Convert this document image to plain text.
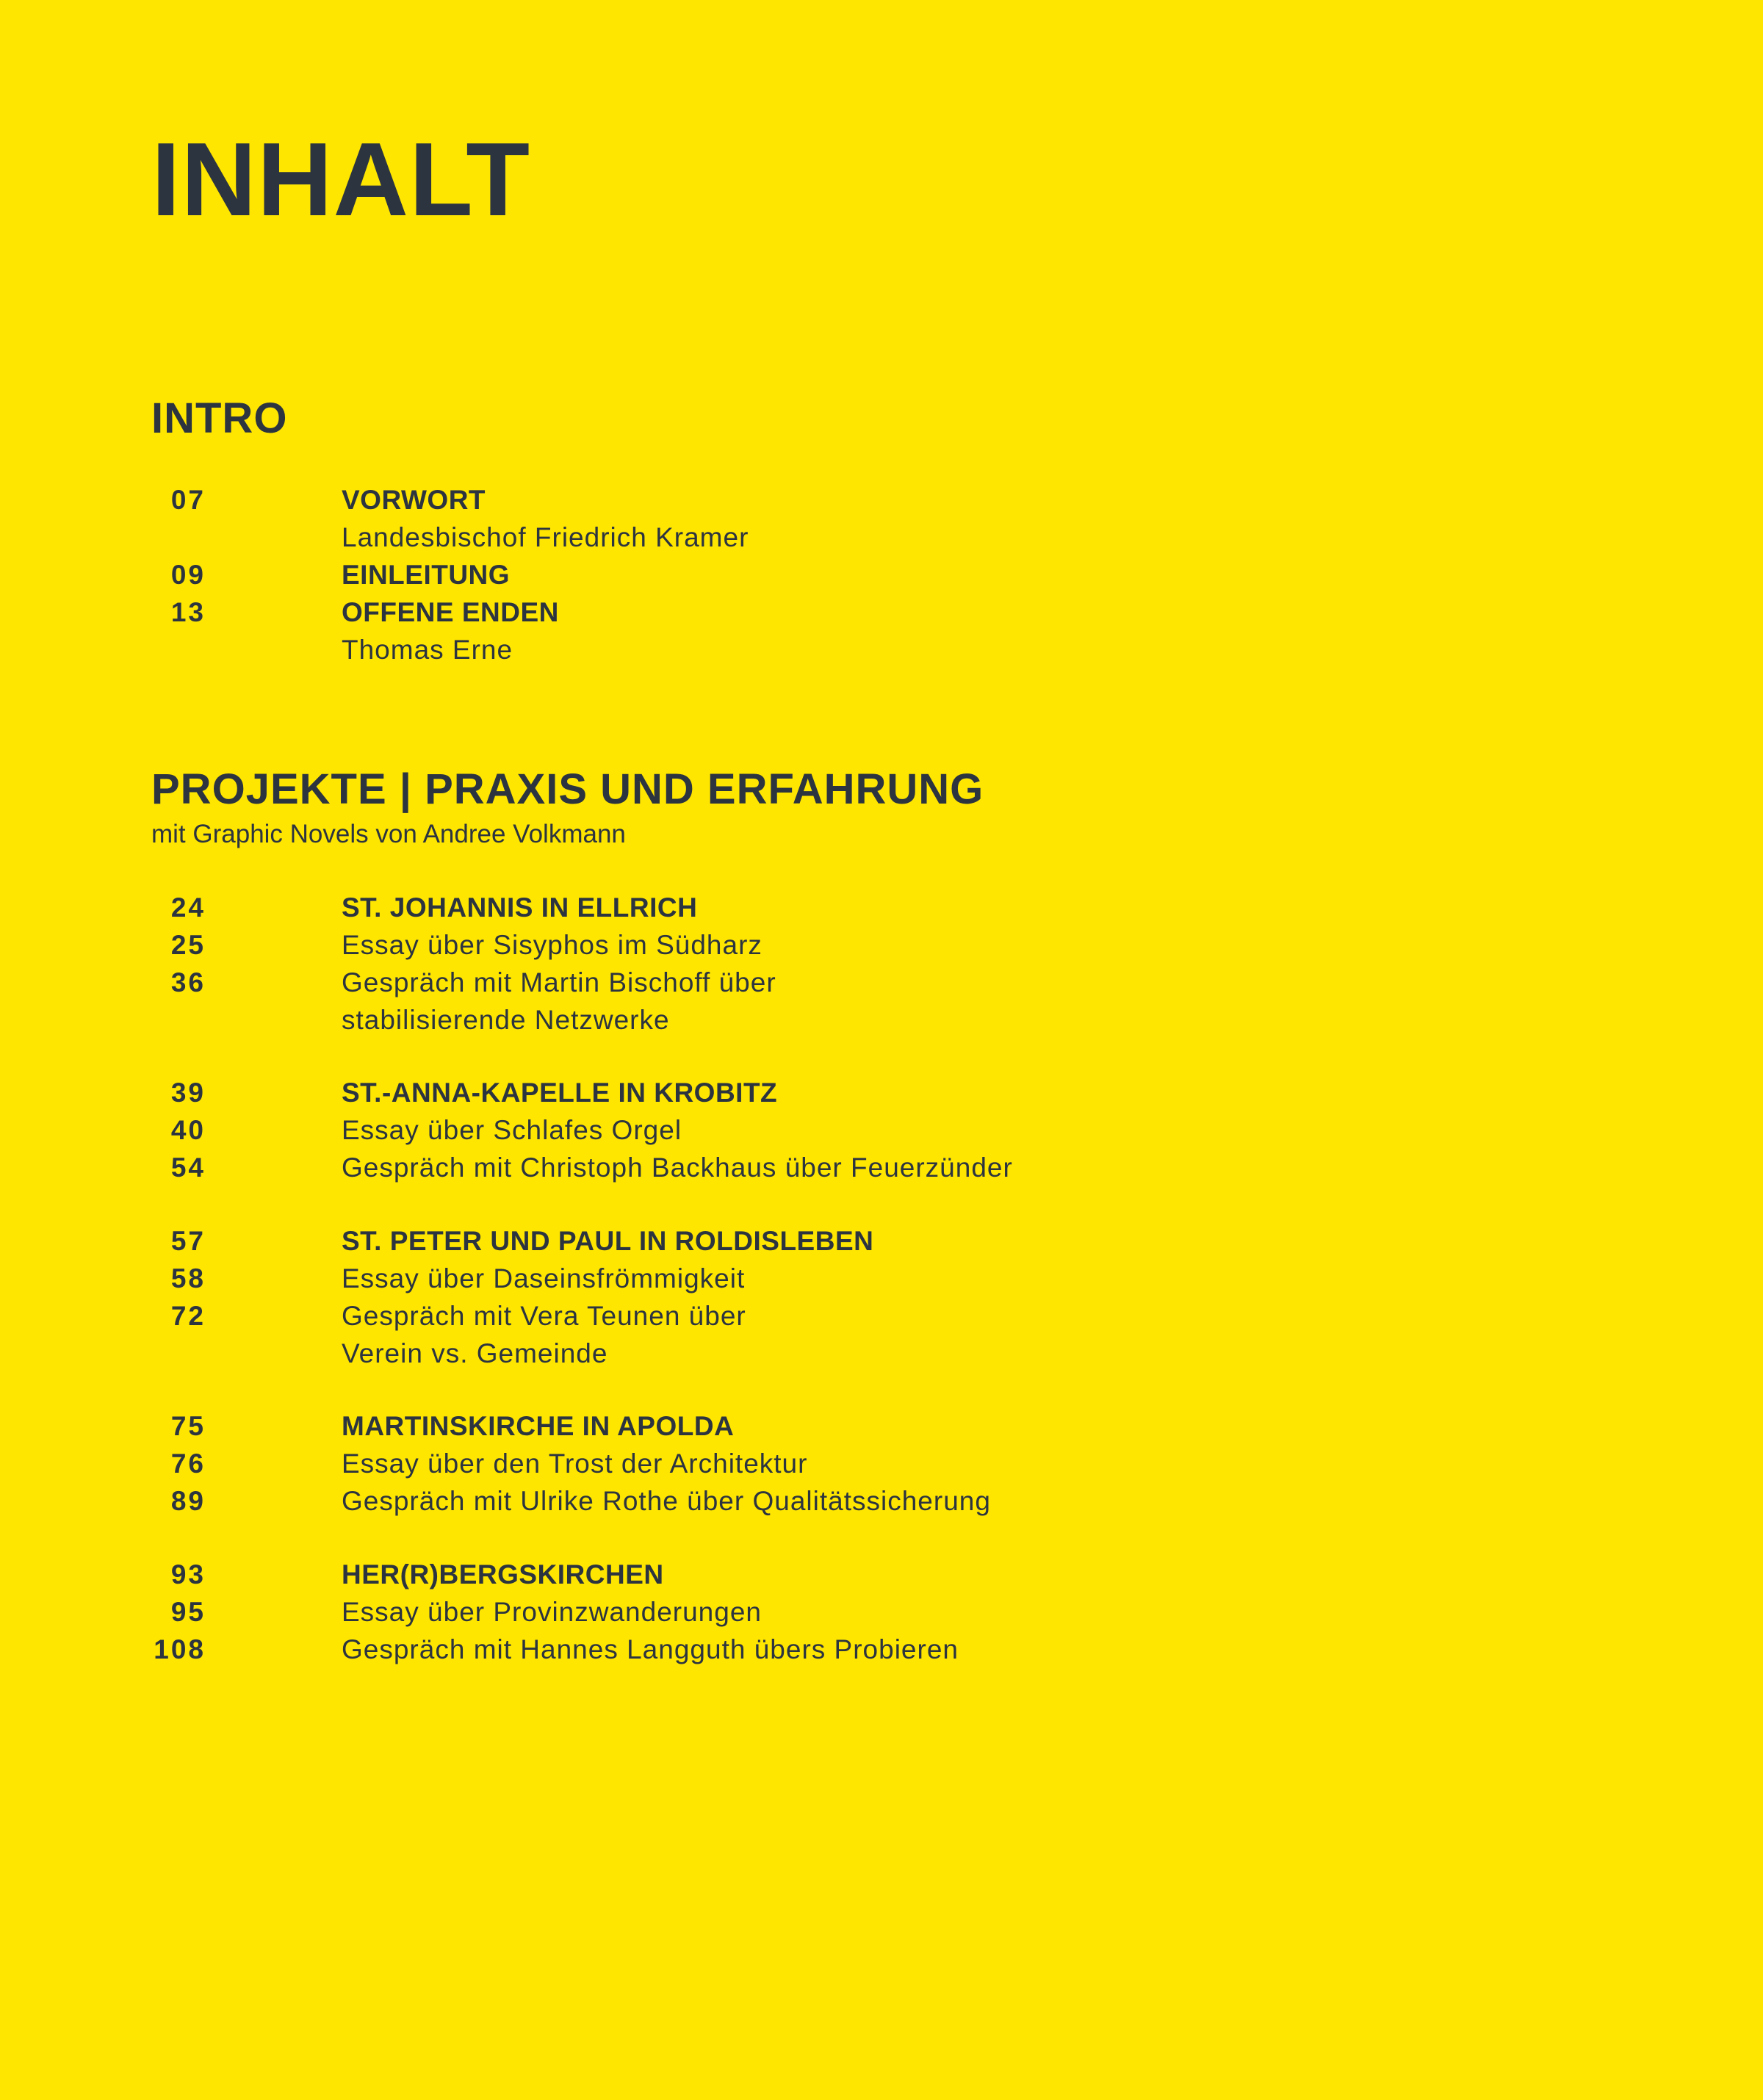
INHALT
INTRO
07	VORWORT
Landesbischof Friedrich Kramer
09	EINLEITUNG
13	OFFENE ENDEN
Thomas Erne
PROJEKTE | PRAXIS UND ERFAHRUNG

mit Graphic Novels von Andree Volkmann

24	ST. JOHANNIS IN ELLRICH
25	Essay über Sisyphos im Südharz
36	Gespräch mit Martin Bischoff über
stabilisierende Netzwerke
39	ST.-ANNA-KAPELLE IN KROBITZ
40	Essay über Schlafes Orgel
54	Gespräch mit Christoph Backhaus über Feuerzünder
57	ST. PETER UND PAUL IN ROLDISLEBEN
58	Essay über Daseinsfrömmigkeit
72	Gespräch mit Vera Teunen über
Verein vs. Gemeinde
75	MARTINSKIRCHE IN APOLDA
76	Essay über den Trost der Architektur
89	Gespräch mit Ulrike Rothe über Qualitätssicherung
93	HER(R)BERGSKIRCHEN
95	Essay über Provinzwanderungen
108	Gespräch mit Hannes Langguth übers Probieren
